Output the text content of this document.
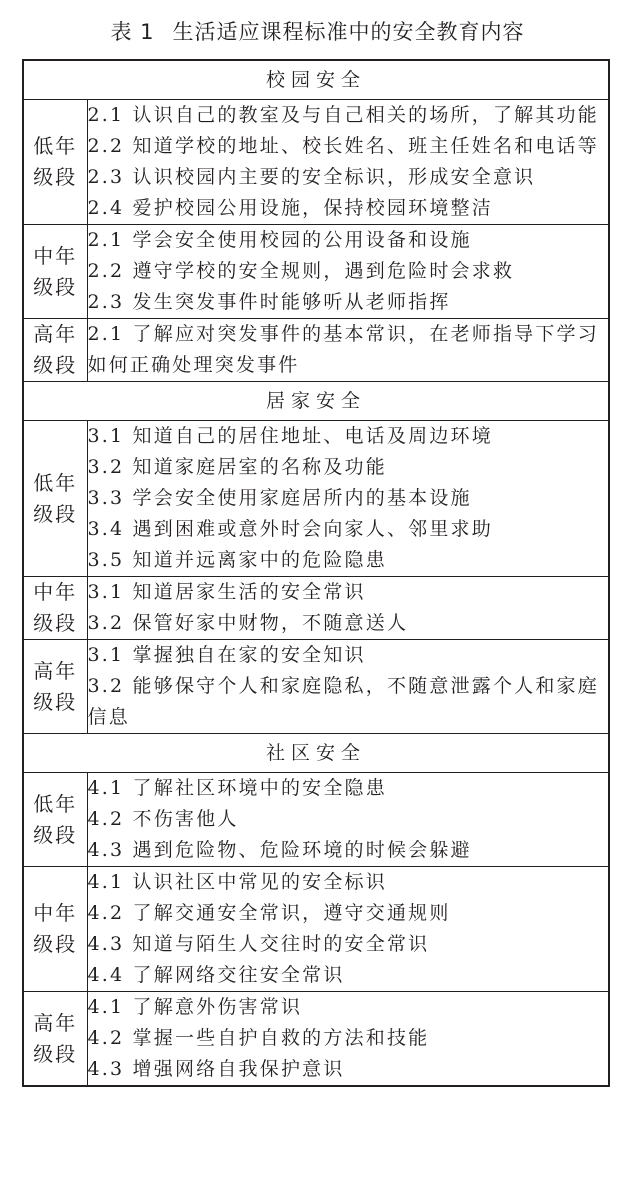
表 1 生活适应课程标准中的安全教育内容
校园安全	
低年级段	2.1 认识自己的教室及与自己相关的场所，了解其功能
2.2 知道学校的地址、校长姓名、班主任姓名和电话等
2.3 认识校园内主要的安全标识，形成安全意识
2.4 爱护校园公用设施，保持校园环境整洁

中年级段	2.1 学会安全使用校园的公用设备和设施
2.2 遵守学校的安全规则，遇到危险时会求救
2.3 发生突发事件时能够听从老师指挥

高年级段	2.1 了解应对突发事件的基本常识，在老师指导下学习如何正确处理突发事件

居家安全	
低年级段	3.1 知道自己的居住地址、电话及周边环境
3.2 知道家庭居室的名称及功能
3.3 学会安全使用家庭居所内的基本设施
3.4 遇到困难或意外时会向家人、邻里求助
3.5 知道并远离家中的危险隐患

中年级段	3.1 知道居家生活的安全常识
3.2 保管好家中财物，不随意送人

高年级段	3.1 掌握独自在家的安全知识
3.2 能够保守个人和家庭隐私，不随意泄露个人和家庭信息

社区安全	
低年级段	4.1 了解社区环境中的安全隐患
4.2 不伤害他人
4.3 遇到危险物、危险环境的时候会躲避

中年级段	4.1 认识社区中常见的安全标识
4.2 了解交通安全常识，遵守交通规则
4.3 知道与陌生人交往时的安全常识
4.4 了解网络交往安全常识

高年级段	4.1 了解意外伤害常识
4.2 掌握一些自护自救的方法和技能
4.3 增强网络自我保护意识
